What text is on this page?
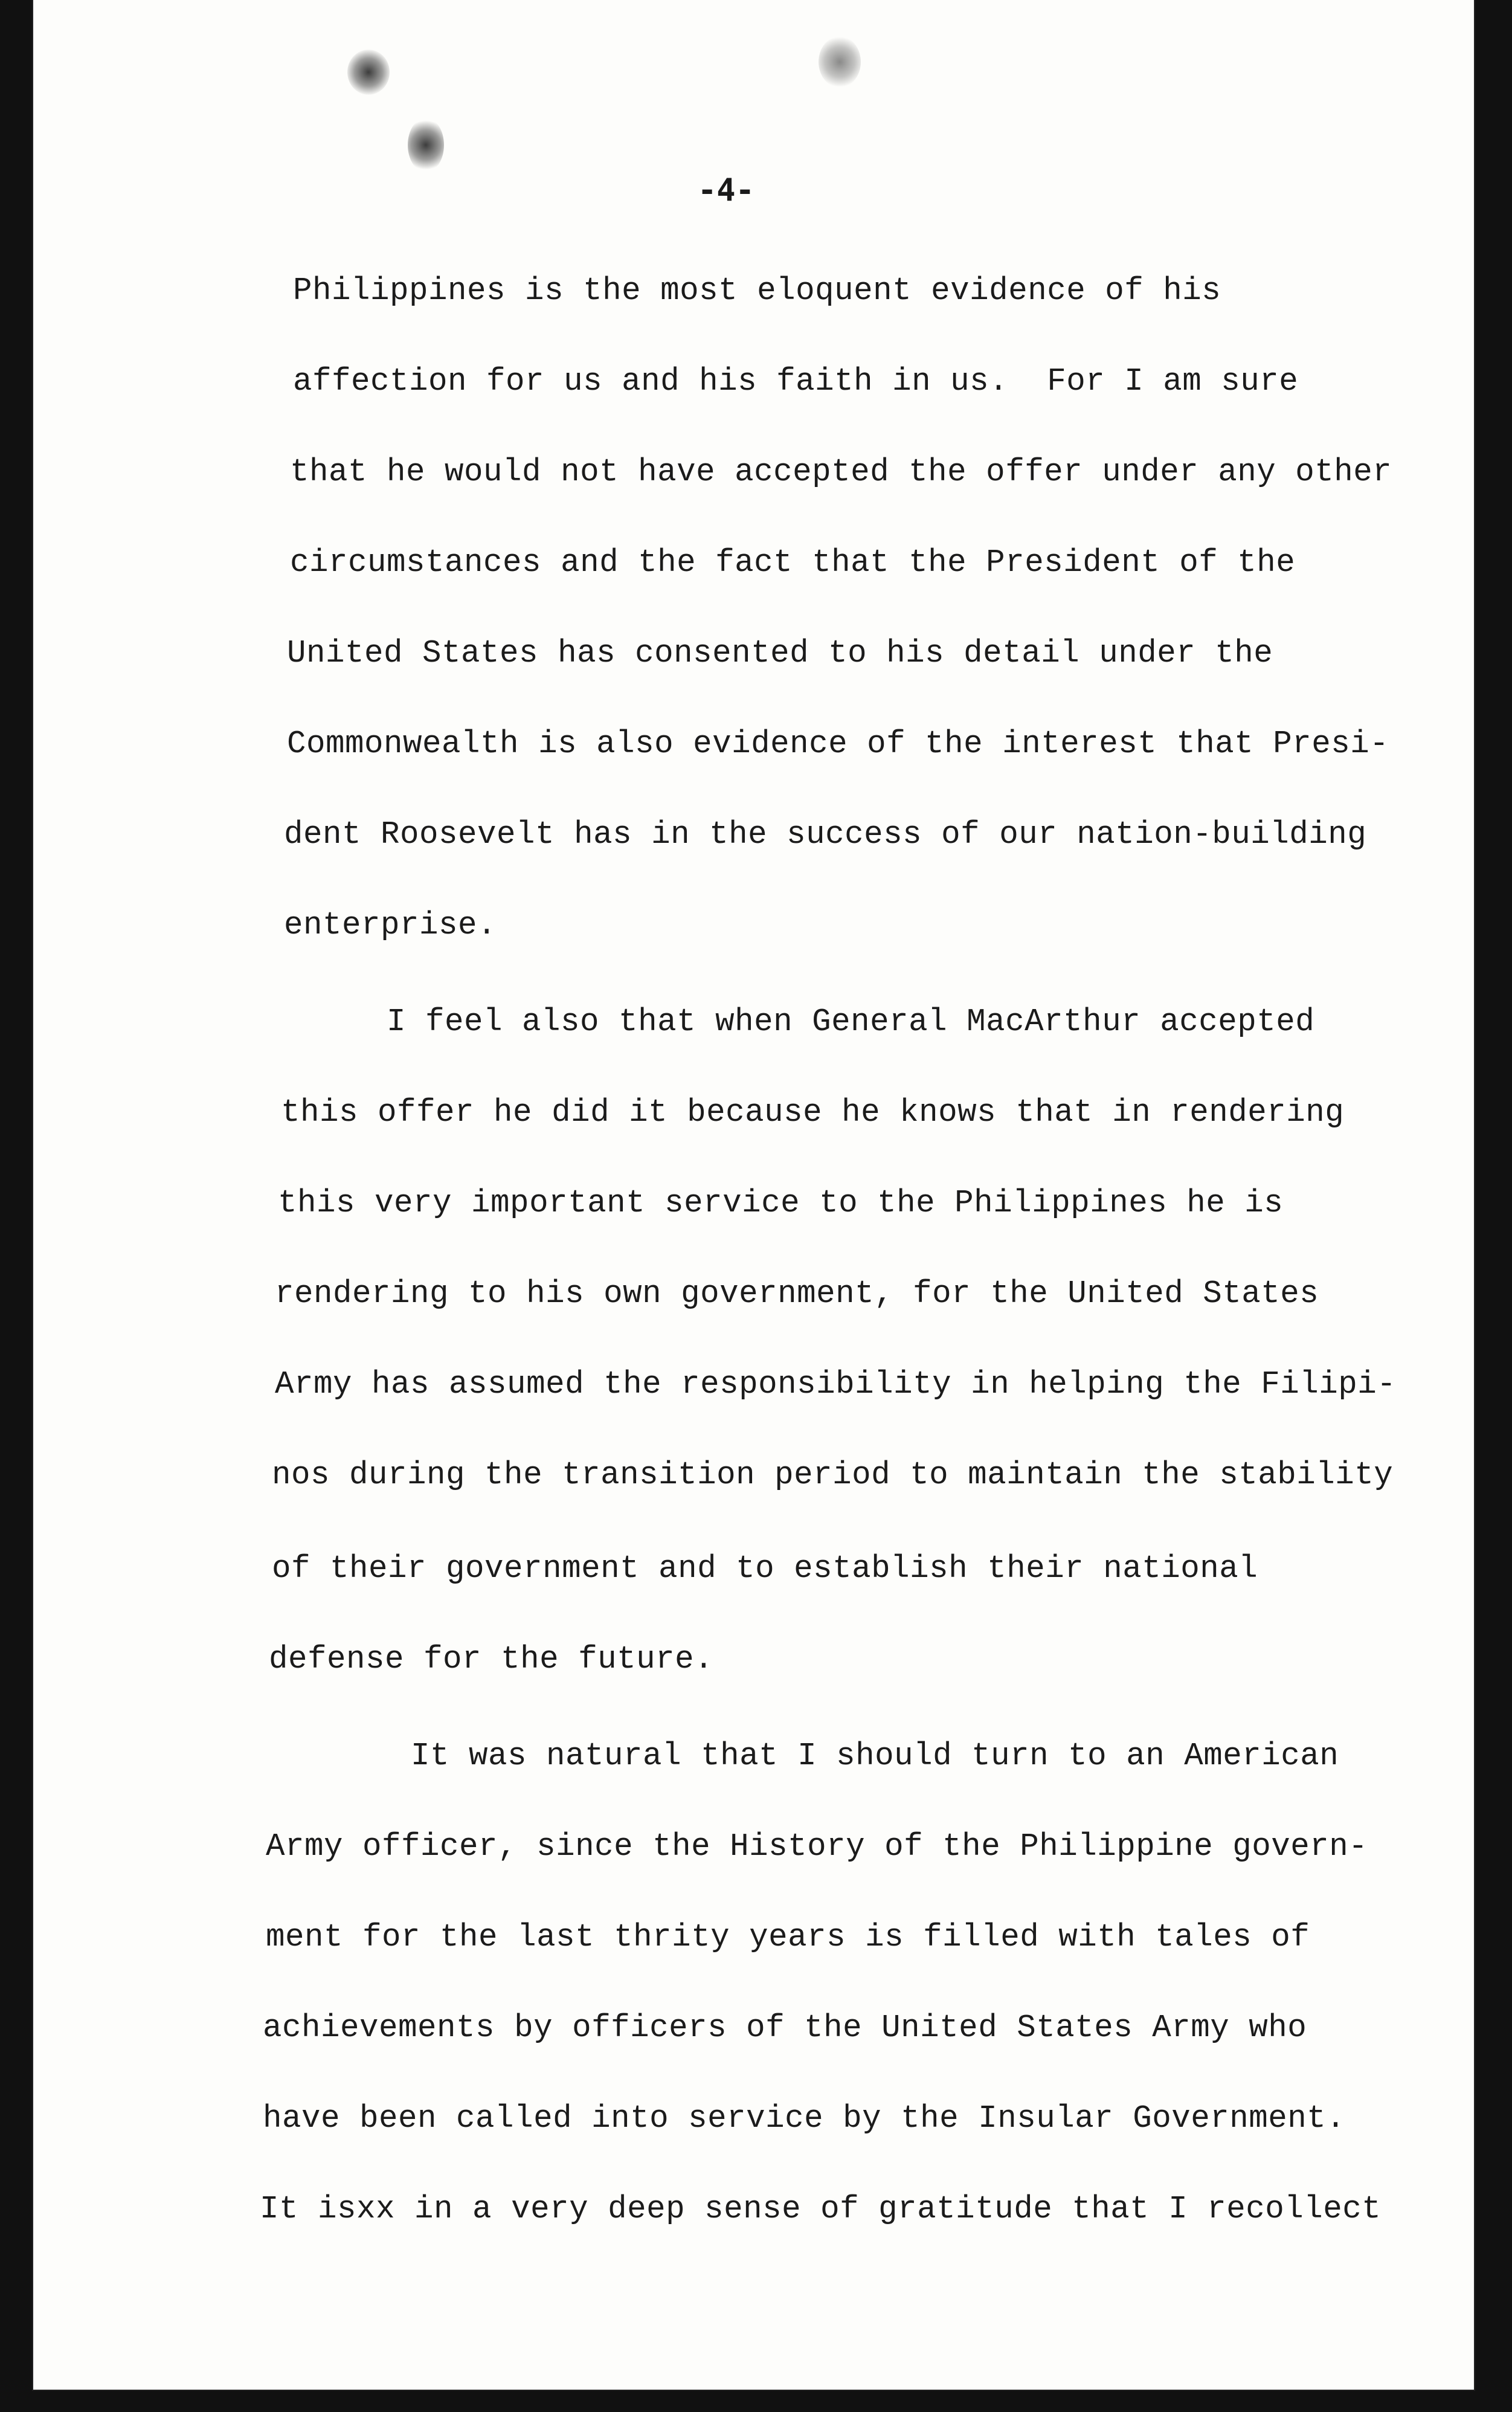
-4-
Philippines is the most eloquent evidence of his
affection for us and his faith in us.  For I am sure
that he would not have accepted the offer under any other
circumstances and the fact that the President of the
United States has consented to his detail under the
Commonwealth is also evidence of the interest that Presi-
dent Roosevelt has in the success of our nation-building
enterprise.
I feel also that when General MacArthur accepted
this offer he did it because he knows that in rendering
this very important service to the Philippines he is
rendering to his own government, for the United States
Army has assumed the responsibility in helping the Filipi-
nos during the transition period to maintain the stability
of their government and to establish their national
defense for the future.
It was natural that I should turn to an American
Army officer, since the History of the Philippine govern-
ment for the last thrity years is filled with tales of
achievements by officers of the United States Army who
have been called into service by the Insular Government.
It isxx in a very deep sense of gratitude that I recollect
